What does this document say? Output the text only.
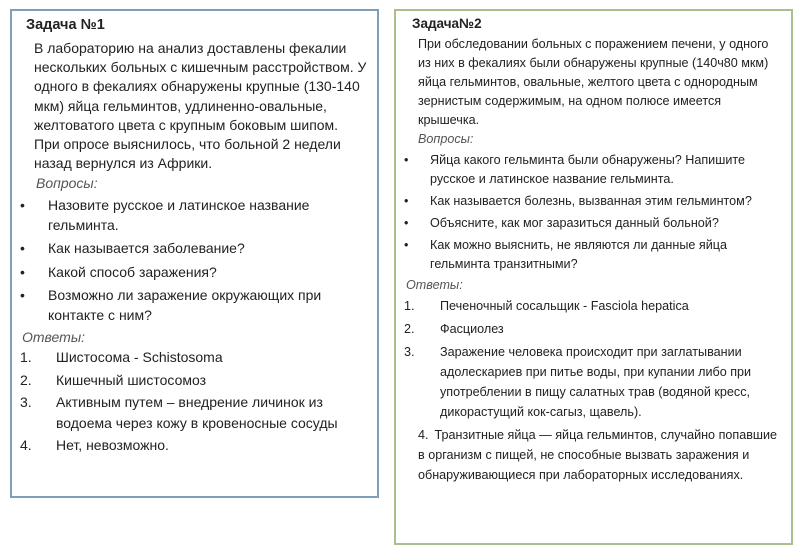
Задача №1
В лабораторию на анализ доставлены фекалии нескольких больных с кишечным расстройством. У одного в фекалиях обнаружены крупные (130-140 мкм) яйца гельминтов, удлиненно-овальные, желтоватого цвета с крупным боковым шипом. При опросе выяснилось, что больной 2 недели назад вернулся из Африки.
Вопросы:
• Назовите русское и латинское название гельминта.
• Как называется заболевание?
• Какой способ заражения?
• Возможно ли заражение окружающих при контакте с ним?
Ответы:
1. Шистосома - Schistosoma
2. Кишечный шистосомоз
3. Активным путем – внедрение личинок из водоема через кожу в кровеносные сосуды
4. Нет, невозможно.
Задача№2
При обследовании больных с поражением печени, у одного из них в фекалиях были обнаружены крупные (140ч80 мкм) яйца гельминтов, овальные, желтого цвета с однородным зернистым содержимым, на одном полюсе имеется крышечка.
Вопросы:
• Яйца какого гельминта были обнаружены? Напишите русское и латинское название гельминта.
• Как называется болезнь, вызванная этим гельминтом?
• Объясните, как мог заразиться данный больной?
• Как можно выяснить, не являются ли данные яйца гельминта транзитными?
Ответы:
1. Печеночный сосальщик - Fasciola hepatica
2. Фасциолез
3. Заражение человека происходит при заглатывании адолескариев при питье воды, при купании либо при употреблении в пищу салатных трав (водяной кресс, дикорастущий кок-сагыз, щавель).
4. Транзитные яйца — яйца гельминтов, случайно попавшие в организм с пищей, не способные вызвать заражения и обнаруживающиеся при лабораторных исследованиях.
